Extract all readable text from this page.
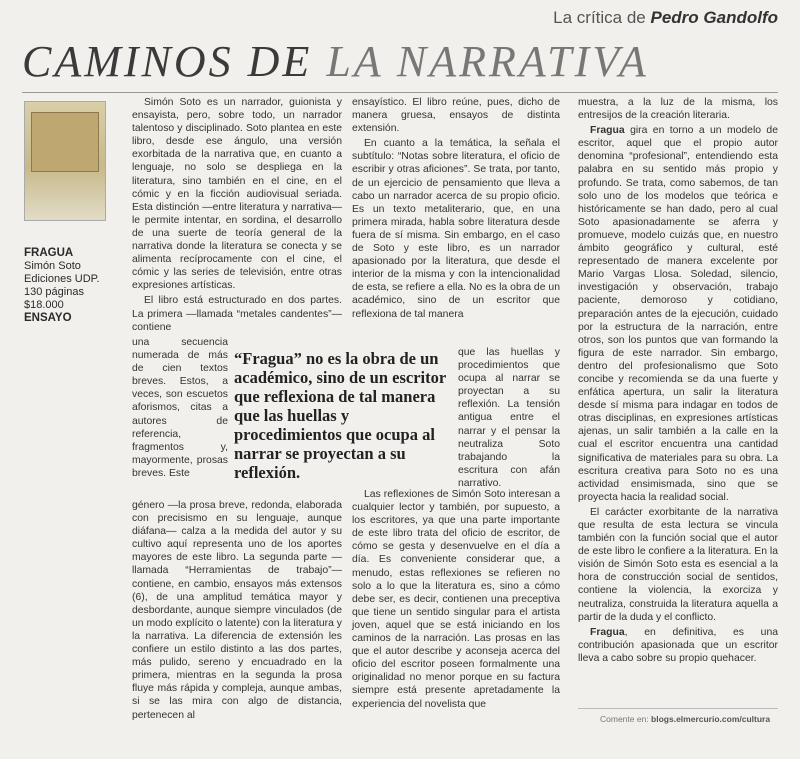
La crítica de Pedro Gandolfo
CAMINOS DE LA NARRATIVA
FRAGUA
Simón Soto
Ediciones UDP.
130 páginas
$18.000
ENSAYO

Simón Soto es un narrador, guionista y ensayista, pero, sobre todo, un narrador talentoso y disciplinado. Soto plantea en este libro, desde ese ángulo, una versión exorbitada de la narrativa que, en cuanto a lenguaje, no solo se despliega en la literatura, sino también en el cine, en el cómic y en la ficción audiovisual seriada. Esta distinción —entre literatura y narrativa— le permite intentar, en sordina, el desarrollo de una suerte de teoría general de la narrativa donde la literatura se conecta y se alimenta recíprocamente con el cine, el cómic y las series de televisión, entre otras expresiones artísticas.

El libro está estructurado en dos partes. La primera —llamada “metales candentes”— contiene

una secuencia numerada de más de cien textos breves. Estos, a veces, son escuetos aforismos, citas a autores de referencia, fragmentos y, mayormente, prosas breves. Este

género —la prosa breve, redonda, elaborada con precisismo en su lenguaje, aunque diáfana— calza a la medida del autor y su cultivo aquí representa uno de los aportes mayores de este libro. La segunda parte —llamada “Herramientas de trabajo”— contiene, en cambio, ensayos más extensos (6), de una amplitud temática mayor y desbordante, aunque siempre vinculados (de un modo explícito o latente) con la literatura y la narrativa. La diferencia de extensión les confiere un estilo distinto a las dos partes, más pulido, sereno y encuadrado en la primera, mientras en la segunda la prosa fluye más rápida y compleja, aunque ambas, si se las mira con algo de distancia, pertenecen al

“Fragua” no es la obra de un académico, sino de un escritor que reflexiona de tal manera que las huellas y procedimientos que ocupa al narrar se proyectan a su reflexión.

ensayístico. El libro reúne, pues, dicho de manera gruesa, ensayos de distinta extensión.

En cuanto a la temática, la señala el subtítulo: “Notas sobre literatura, el oficio de escribir y otras aficiones”. Se trata, por tanto, de un ejercicio de pensamiento que lleva a cabo un narrador acerca de su propio oficio. Es un texto metaliterario, que, en una primera mirada, habla sobre literatura desde fuera de sí misma. Sin embargo, en el caso de Soto y este libro, es un narrador apasionado por la literatura, que desde el interior de la misma y con la intencionalidad de esta, se refiere a ella. No es la obra de un académico, sino de un escritor que reflexiona de tal manera

que las huellas y procedimientos que ocupa al narrar se proyectan a su reflexión. La tensión antigua entre el narrar y el pensar la neutraliza Soto trabajando la escritura con afán narrativo.

Las reflexiones de Simón Soto interesan a cualquier lector y también, por supuesto, a los escritores, ya que una parte importante de este libro trata del oficio de escritor, de cómo se gesta y desenvuelve en el día a día. Es conveniente considerar que, a menudo, estas reflexiones se refieren no solo a lo que la literatura es, sino a cómo debe ser, es decir, contienen una preceptiva que tiene un sentido singular para el artista joven, aquel que se está iniciando en los caminos de la narración. Las prosas en las que el autor describe y aconseja acerca del oficio del escritor poseen formalmente una originalidad no menor porque en su factura siempre está presente apretadamente la experiencia del novelista que

muestra, a la luz de la misma, los entresijos de la creación literaria.

Fragua gira en torno a un modelo de escritor, aquel que el propio autor denomina “profesional”, entendiendo esta palabra en su sentido más propio y profundo. Se trata, como sabemos, de tan solo uno de los modelos que teórica e históricamente se han dado, pero al cual Soto apasionadamente se aferra y promueve, modelo cuizás que, en nuestro ámbito geográfico y cultural, esté representado de manera excelente por Mario Vargas Llosa. Soledad, silencio, investigación y observación, trabajo paciente, demoroso y cotidiano, preparación antes de la ejecución, cuidado por la estructura de la narración, entre otros, son los puntos que van formando la figura de este narrador. Sin embargo, dentro del profesionalismo que Soto concibe y recomienda se da una fuerte y enfática apertura, un salir la literatura desde sí misma para indagar en todos de otras disciplinas, en expresiones artísticas ajenas, un salir también a la calle en la cual el escritor encuentra una cantidad significativa de materiales para su obra. La escritura creativa para Soto no es una actividad ensimismada, sino que se proyecta hacia la realidad social.

El carácter exorbitante de la narrativa que resulta de esta lectura se vincula también con la función social que el autor de este libro le confiere a la literatura. En la visión de Simón Soto esta es esencial a la hora de construcción social de sentidos, contiene la violencia, la exorciza y neutraliza, construida la literatura aquella a partir de la duda y el conflicto.

Fragua, en definitiva, es una contribución apasionada que un escritor lleva a cabo sobre su propio quehacer.

Comente en: blogs.elmercurio.com/cultura
